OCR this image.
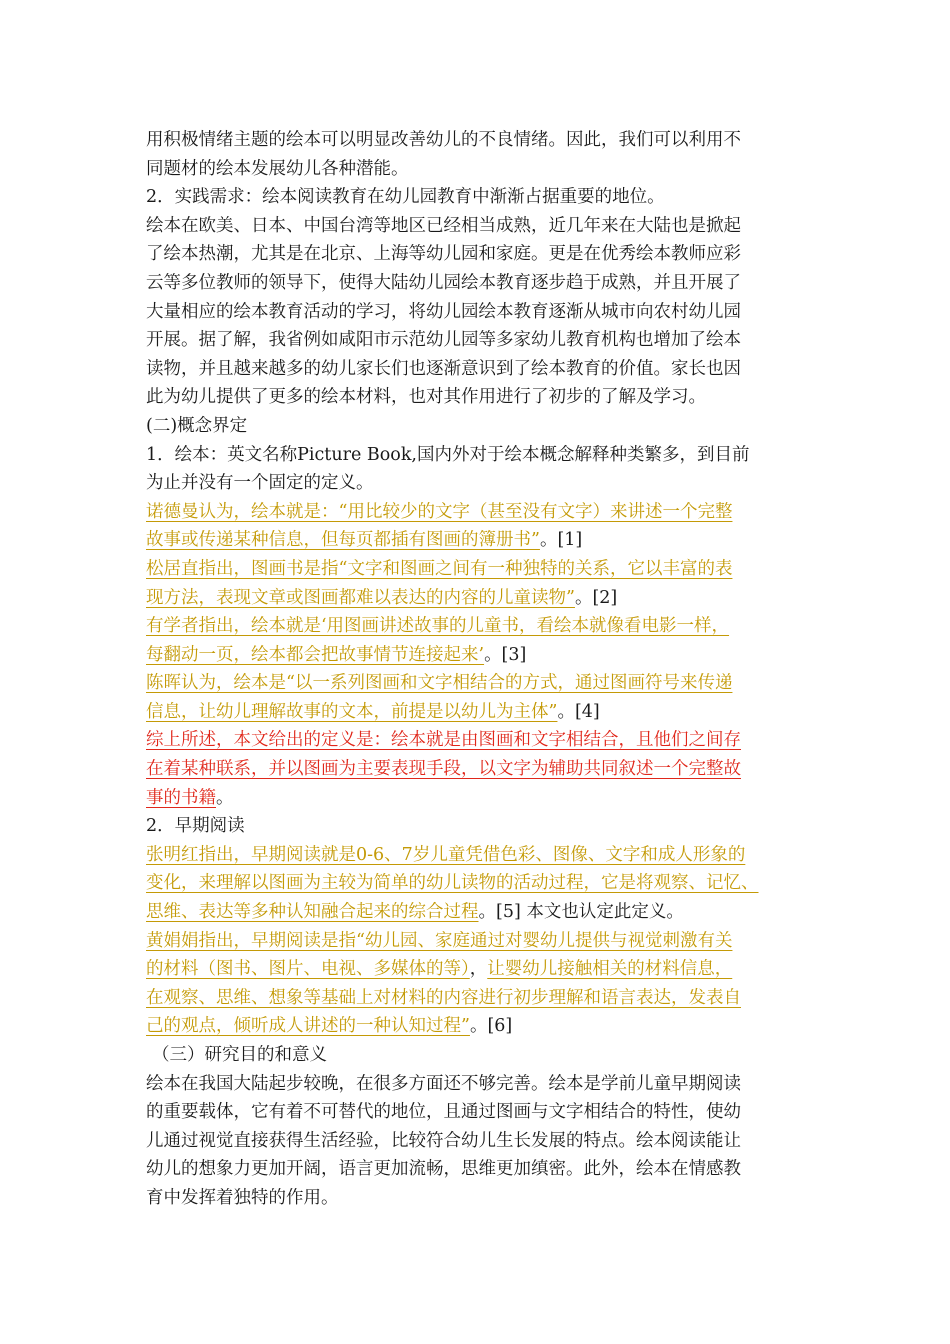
用积极情绪主题的绘本可以明显改善幼儿的不良情绪。因此，我们可以利用不
同题材的绘本发展幼儿各种潜能。
2．实践需求：绘本阅读教育在幼儿园教育中渐渐占据重要的地位。
绘本在欧美、日本、中国台湾等地区已经相当成熟，近几年来在大陆也是掀起
了绘本热潮，尤其是在北京、上海等幼儿园和家庭。更是在优秀绘本教师应彩
云等多位教师的领导下，使得大陆幼儿园绘本教育逐步趋于成熟，并且开展了
大量相应的绘本教育活动的学习，将幼儿园绘本教育逐渐从城市向农村幼儿园
开展。据了解，我省例如咸阳市示范幼儿园等多家幼儿教育机构也增加了绘本
读物，并且越来越多的幼儿家长们也逐渐意识到了绘本教育的价值。家长也因
此为幼儿提供了更多的绘本材料，也对其作用进行了初步的了解及学习。
(二)概念界定
1．绘本：英文名称Picture Book,国内外对于绘本概念解释种类繁多，到目前
为止并没有一个固定的定义。
诺德曼认为，绘本就是：“用比较少的文字（甚至没有文字）来讲述一个完整
故事或传递某种信息，但每页都插有图画的簿册书”。[1]
松居直指出，图画书是指“文字和图画之间有一种独特的关系，它以丰富的表
现方法，表现文章或图画都难以表达的内容的儿童读物”。[2]
有学者指出，绘本就是‘用图画讲述故事的儿童书，看绘本就像看电影一样，
每翻动一页，绘本都会把故事情节连接起来’。[3]
陈晖认为，绘本是“以一系列图画和文字相结合的方式，通过图画符号来传递
信息，让幼儿理解故事的文本，前提是以幼儿为主体”。[4]
综上所述，本文给出的定义是：绘本就是由图画和文字相结合，且他们之间存
在着某种联系，并以图画为主要表现手段，以文字为辅助共同叙述一个完整故
事的书籍。
2．早期阅读
张明红指出，早期阅读就是0-6、7岁儿童凭借色彩、图像、文字和成人形象的
变化，来理解以图画为主较为简单的幼儿读物的活动过程，它是将观察、记忆、
思维、表达等多种认知融合起来的综合过程。[5] 本文也认定此定义。
黄娟娟指出，早期阅读是指“幼儿园、家庭通过对婴幼儿提供与视觉刺激有关
的材料（图书、图片、电视、多媒体的等），让婴幼儿接触相关的材料信息，
在观察、思维、想象等基础上对材料的内容进行初步理解和语言表达，发表自
己的观点，倾听成人讲述的一种认知过程”。[6]
（三）研究目的和意义
绘本在我国大陆起步较晚，在很多方面还不够完善。绘本是学前儿童早期阅读
的重要载体，它有着不可替代的地位，且通过图画与文字相结合的特性，使幼
儿通过视觉直接获得生活经验，比较符合幼儿生长发展的特点。绘本阅读能让
幼儿的想象力更加开阔，语言更加流畅，思维更加缜密。此外，绘本在情感教
育中发挥着独特的作用。
